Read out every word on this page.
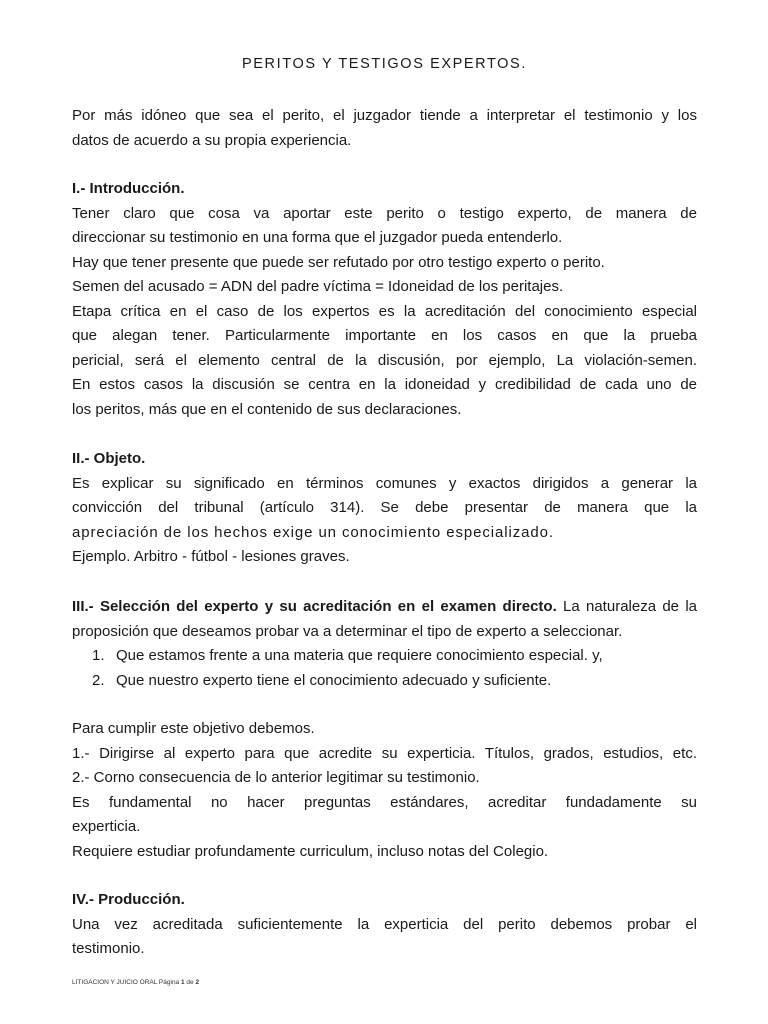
PERITOS Y TESTIGOS EXPERTOS.
Por más idóneo que sea el perito, el juzgador tiende a interpretar el testimonio y los
datos de acuerdo a su propia experiencia.
I.- Introducción.
Tener claro que cosa va aportar este perito o testigo experto, de manera de
direccionar su testimonio en una forma que el juzgador pueda entenderlo.
Hay que tener presente que puede ser refutado por otro testigo experto o perito.
Semen del acusado = ADN del padre víctima = Idoneidad de los peritajes.
Etapa crítica en el caso de los expertos es la acreditación del conocimiento especial
que alegan tener. Particularmente importante en los casos en que la prueba
pericial, será el elemento central de la discusión, por ejemplo, La violación-semen.
En estos casos la discusión se centra en la idoneidad y credibilidad de cada uno de
los peritos, más que en el contenido de sus declaraciones.
II.- Objeto.
Es explicar su significado en términos comunes y exactos dirigidos a generar la
convicción del tribunal (artículo 314). Se debe presentar de manera que la
apreciación de los hechos exige un conocimiento especializado.
Ejemplo. Arbitro - fútbol - lesiones graves.
III.- Selección del experto y su acreditación en el examen directo. La naturaleza de la
proposición que deseamos probar va a determinar el tipo de experto a seleccionar.
1. Que estamos frente a una materia que requiere conocimiento especial. y,
2. Que nuestro experto tiene el conocimiento adecuado y suficiente.
Para cumplir este objetivo debemos.
1.- Dirigirse al experto para que acredite su experticia. Títulos, grados, estudios, etc.
2.- Corno consecuencia de lo anterior legitimar su testimonio.
Es fundamental no hacer preguntas estándares, acreditar fundadamente su
experticia.
Requiere estudiar profundamente curriculum, incluso notas del Colegio.
IV.- Producción.
Una vez acreditada suficientemente la experticia del perito debemos probar el
testimonio.
LITIGACION Y JUICIO ORAL Página 1 de 2
